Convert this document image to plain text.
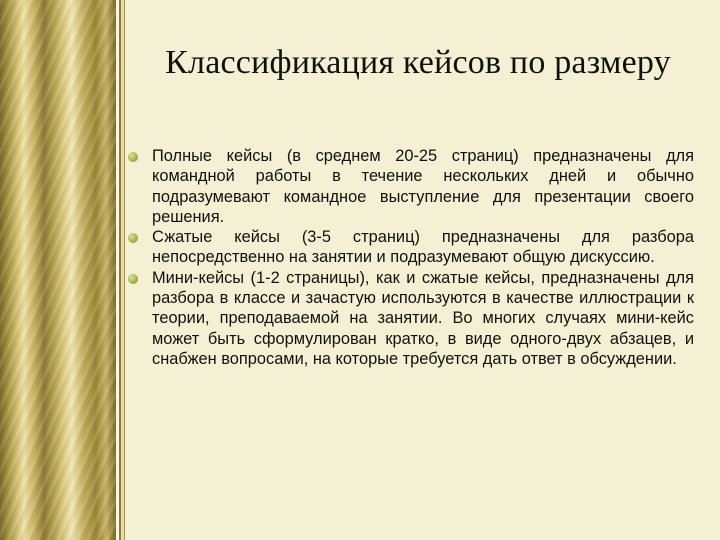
Классификация кейсов по размеру
Полные кейсы (в среднем 20-25 страниц) предназначены для командной работы в течение нескольких дней и обычно подразумевают командное выступление для презентации своего решения.
Сжатые кейсы (3-5 страниц) предназначены для разбора непосредственно на занятии и подразумевают общую дискуссию.
Мини-кейсы (1-2 страницы), как и сжатые кейсы, предназначены для разбора в классе и зачастую используются в качестве иллюстрации к теории, преподаваемой на занятии. Во многих случаях мини-кейс может быть сформулирован кратко, в виде одного-двух абзацев, и снабжен вопросами, на которые требуется дать ответ в обсуждении.
